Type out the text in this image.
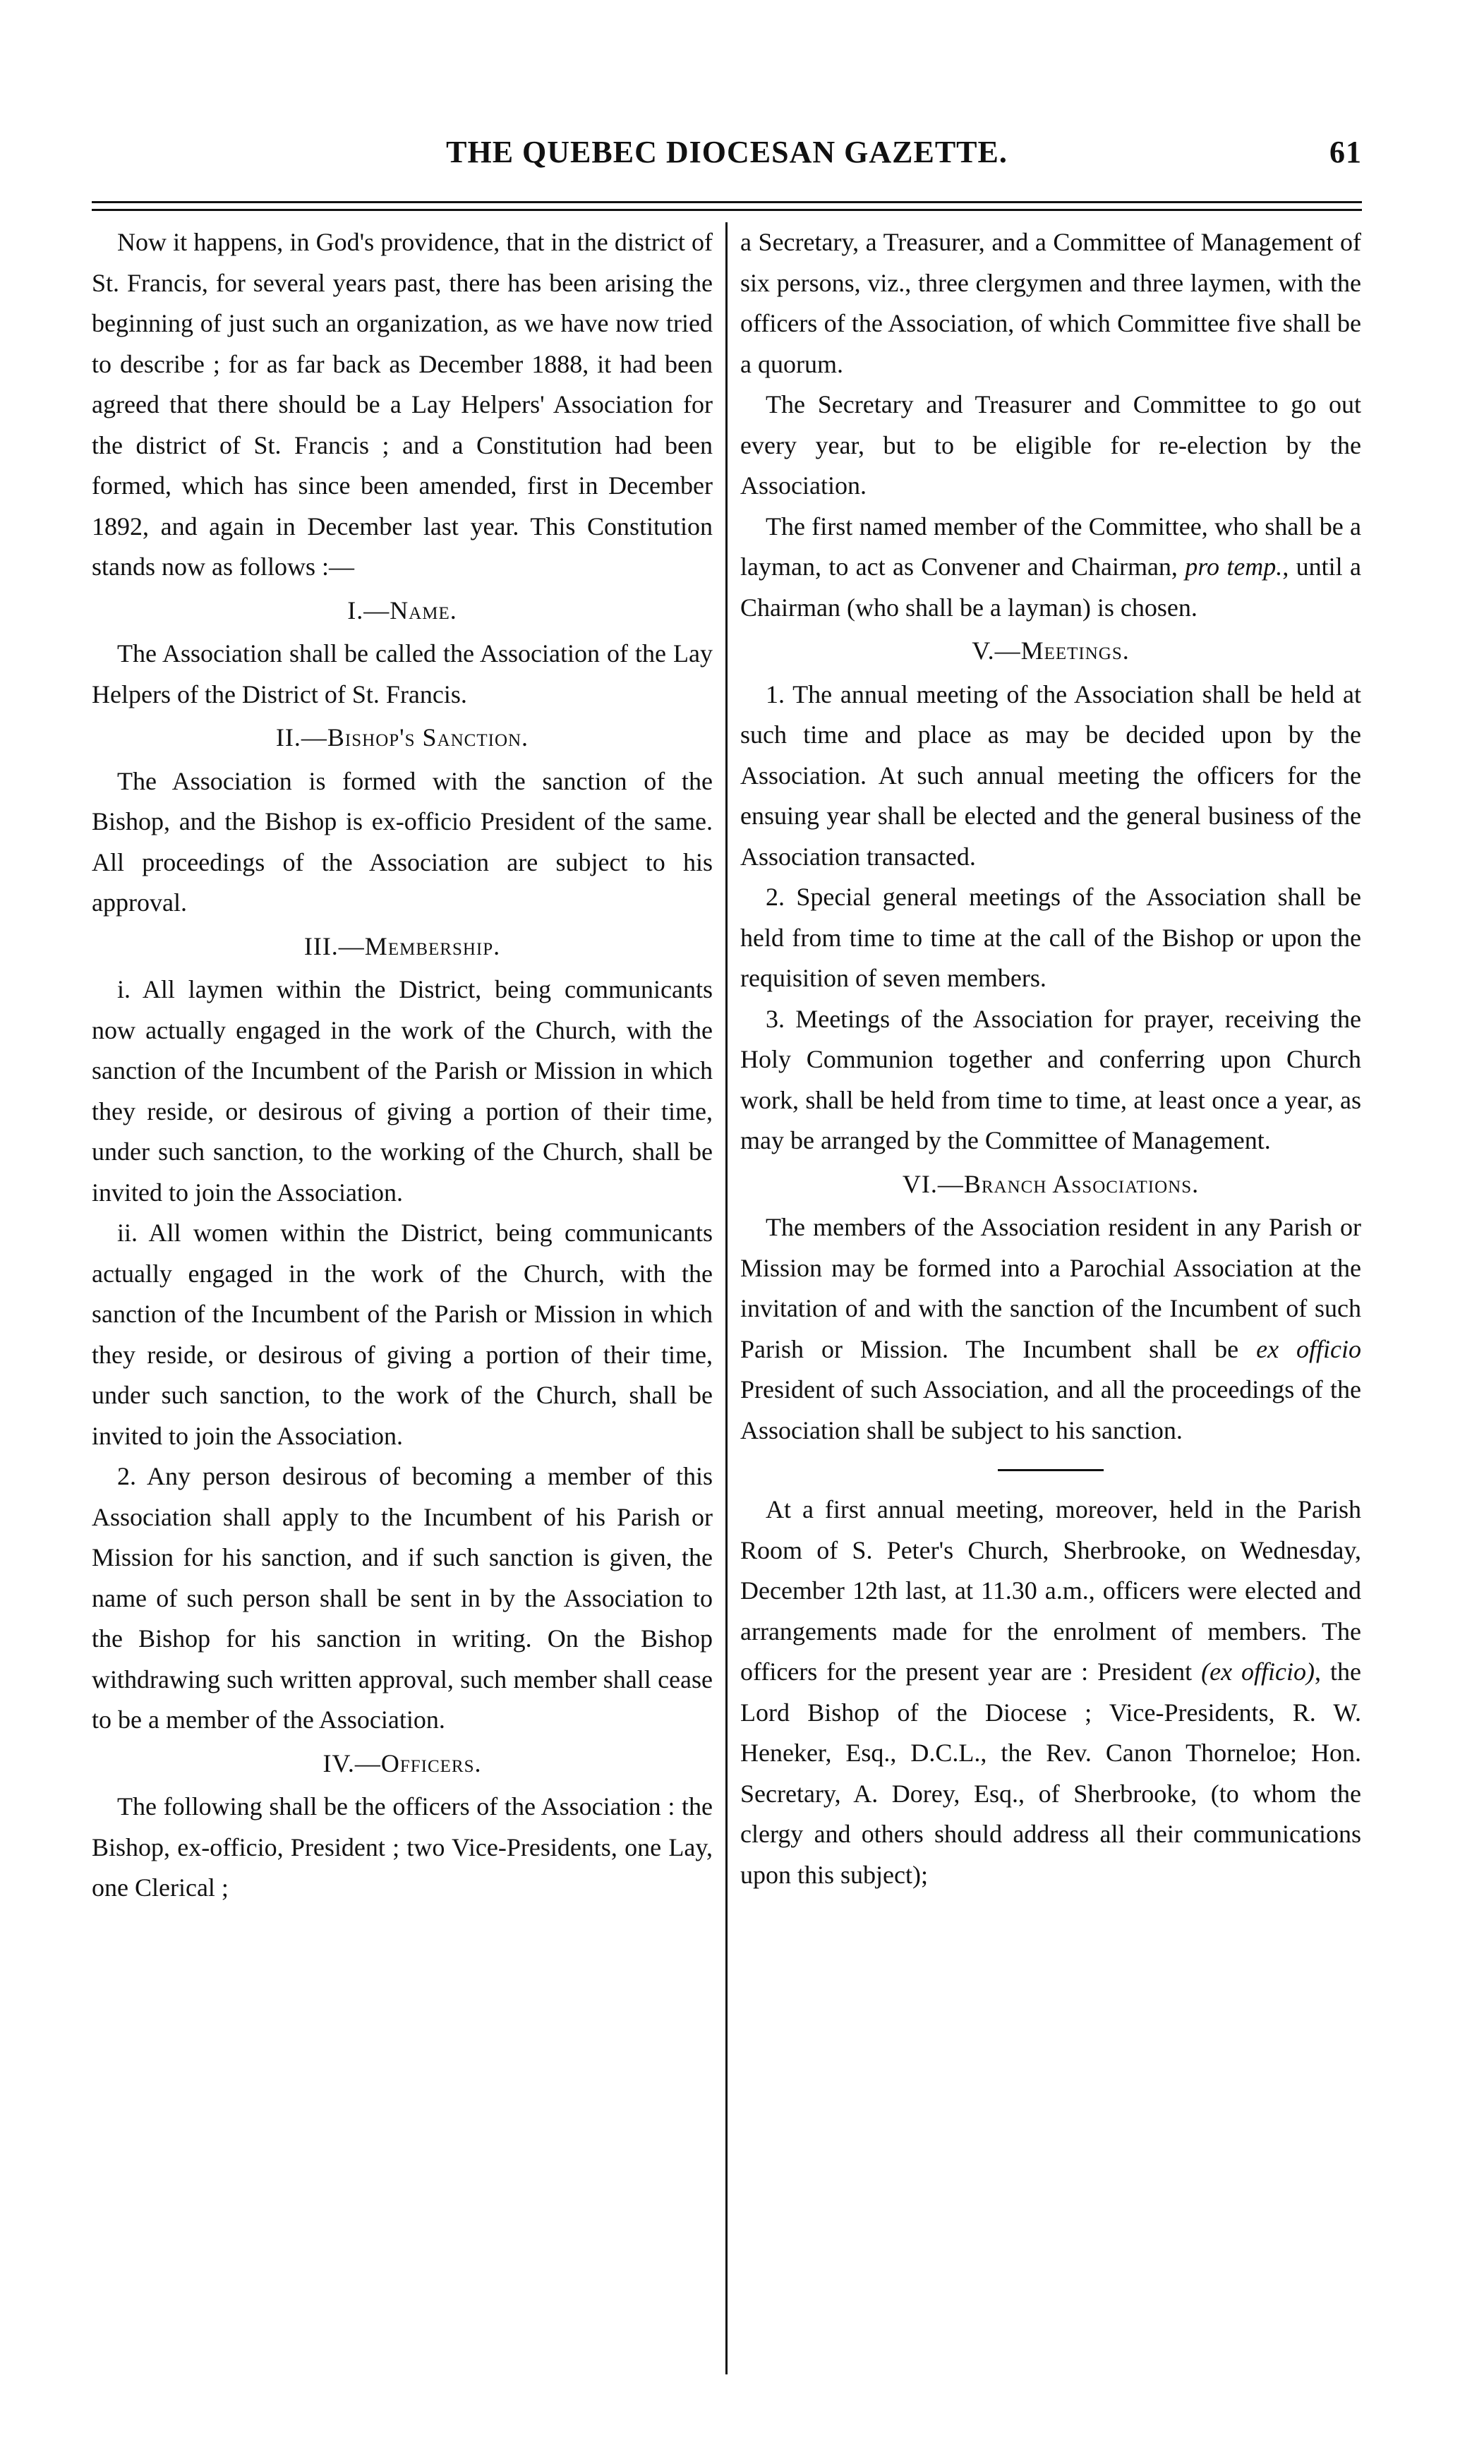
THE QUEBEC DIOCESAN GAZETTE.	61

Now it happens, in God's providence, that in the district of St. Francis, for several years past, there has been arising the beginning of just such an organization, as we have now tried to describe ; for as far back as December 1888, it had been agreed that there should be a Lay Helpers' Association for the district of St. Francis ; and a Constitution had been formed, which has since been amended, first in December 1892, and again in December last year. This Constitution stands now as follows :—

I.—Name.

The Association shall be called the Association of the Lay Helpers of the District of St. Francis.

II.—Bishop's Sanction.

The Association is formed with the sanction of the Bishop, and the Bishop is ex-officio President of the same. All proceedings of the Association are subject to his approval.

III.—Membership.

i. All laymen within the District, being communicants now actually engaged in the work of the Church, with the sanction of the Incumbent of the Parish or Mission in which they reside, or desirous of giving a portion of their time, under such sanction, to the working of the Church, shall be invited to join the Association.

ii. All women within the District, being communicants actually engaged in the work of the Church, with the sanction of the Incumbent of the Parish or Mission in which they reside, or desirous of giving a portion of their time, under such sanction, to the work of the Church, shall be invited to join the Association.

2. Any person desirous of becoming a member of this Association shall apply to the Incumbent of his Parish or Mission for his sanction, and if such sanction is given, the name of such person shall be sent in by the Association to the Bishop for his sanction in writing. On the Bishop withdrawing such written approval, such member shall cease to be a member of the Association.

IV.—Officers.

The following shall be the officers of the Association : the Bishop, ex-officio, President ; two Vice-Presidents, one Lay, one Clerical ;

a Secretary, a Treasurer, and a Committee of Management of six persons, viz., three clergymen and three laymen, with the officers of the Association, of which Committee five shall be a quorum.

The Secretary and Treasurer and Committee to go out every year, but to be eligible for re-election by the Association.

The first named member of the Committee, who shall be a layman, to act as Convener and Chairman, pro temp., until a Chairman (who shall be a layman) is chosen.

V.—Meetings.

1. The annual meeting of the Association shall be held at such time and place as may be decided upon by the Association. At such annual meeting the officers for the ensuing year shall be elected and the general business of the Association transacted.

2. Special general meetings of the Association shall be held from time to time at the call of the Bishop or upon the requisition of seven members.

3. Meetings of the Association for prayer, receiving the Holy Communion together and conferring upon Church work, shall be held from time to time, at least once a year, as may be arranged by the Committee of Management.

VI.—Branch Associations.

The members of the Association resident in any Parish or Mission may be formed into a Parochial Association at the invitation of and with the sanction of the Incumbent of such Parish or Mission. The Incumbent shall be ex officio President of such Association, and all the proceedings of the Association shall be subject to his sanction.

At a first annual meeting, moreover, held in the Parish Room of S. Peter's Church, Sherbrooke, on Wednesday, December 12th last, at 11.30 a.m., officers were elected and arrangements made for the enrolment of members. The officers for the present year are : President (ex officio), the Lord Bishop of the Diocese ; Vice-Presidents, R. W. Heneker, Esq., D.C.L., the Rev. Canon Thorneloe; Hon. Secretary, A. Dorey, Esq., of Sherbrooke, (to whom the clergy and others should address all their communications upon this subject);
